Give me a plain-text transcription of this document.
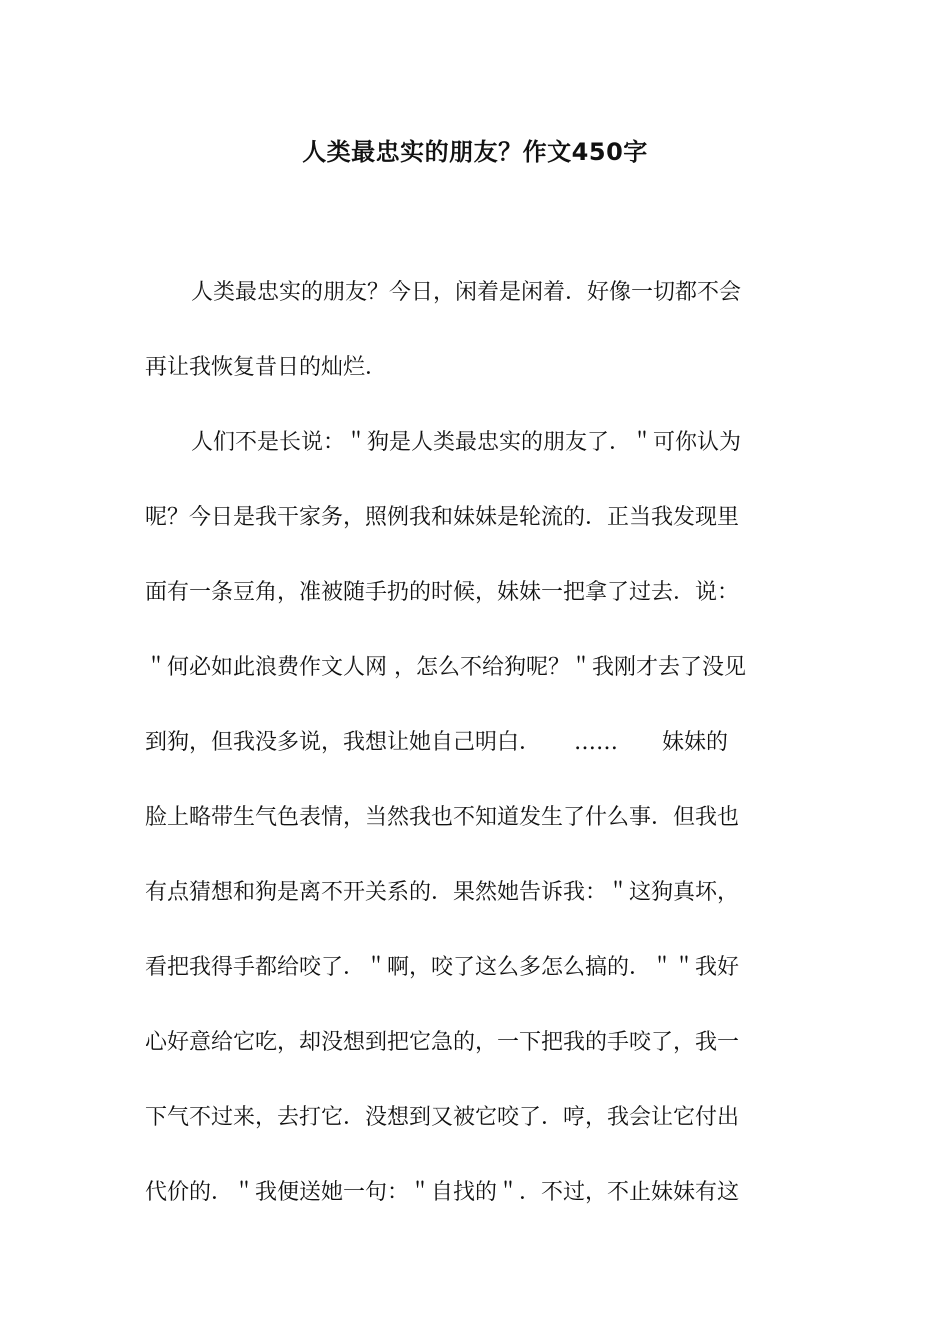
人类最忠实的朋友？作文450字
人类最忠实的朋友？今日，闲着是闲着．好像一切都不会
再让我恢复昔日的灿烂．
人们不是长说：＂狗是人类最忠实的朋友了．＂可你认为
呢？今日是我干家务，照例我和妹妹是轮流的．正当我发现里
面有一条豆角，准被随手扔的时候，妹妹一把拿了过去．说：
＂何必如此浪费作文人网 ，怎么不给狗呢？＂我刚才去了没见
到狗，但我没多说，我想让她自己明白．　　……　　妹妹的
脸上略带生气色表情，当然我也不知道发生了什么事．但我也
有点猜想和狗是离不开关系的．果然她告诉我：＂这狗真坏，
看把我得手都给咬了．＂啊，咬了这么多怎么搞的．＂＂我好
心好意给它吃，却没想到把它急的，一下把我的手咬了，我一
下气不过来，去打它．没想到又被它咬了．哼，我会让它付出
代价的．＂我便送她一句：＂自找的＂．不过，不止妹妹有这
